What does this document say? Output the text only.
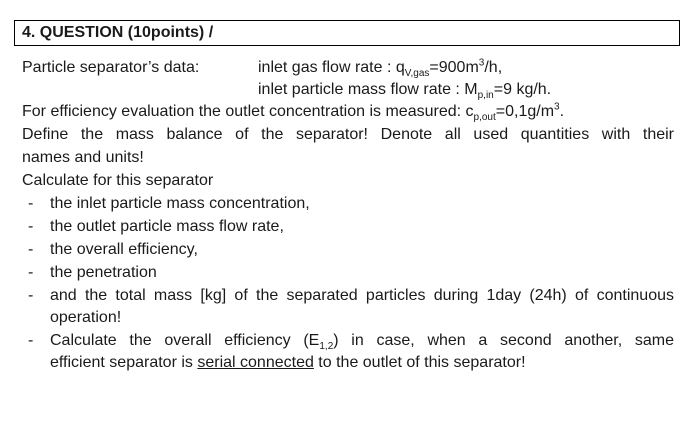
4. QUESTION (10points) /
Particle separator’s data:	inlet gas flow rate : $q_{V,gas}=900m^3/h$,
inlet particle mass flow rate : $M_{p,in}=9$ kg/h.
For efficiency evaluation the outlet concentration is measured: $c_{p,out}=0,1g/m^3$.
Define the mass balance of the separator! Denote all used quantities with their
names and units!
Calculate for this separator
- the inlet particle mass concentration,
- the outlet particle mass flow rate,
- the overall efficiency,
- the penetration
- and the total mass [kg] of the separated particles during 1day (24h) of continuous
operation!
- Calculate the overall efficiency $(E_{1,2})$ in case, when a second another, same
efficient separator is serial connected to the outlet of this separator!
